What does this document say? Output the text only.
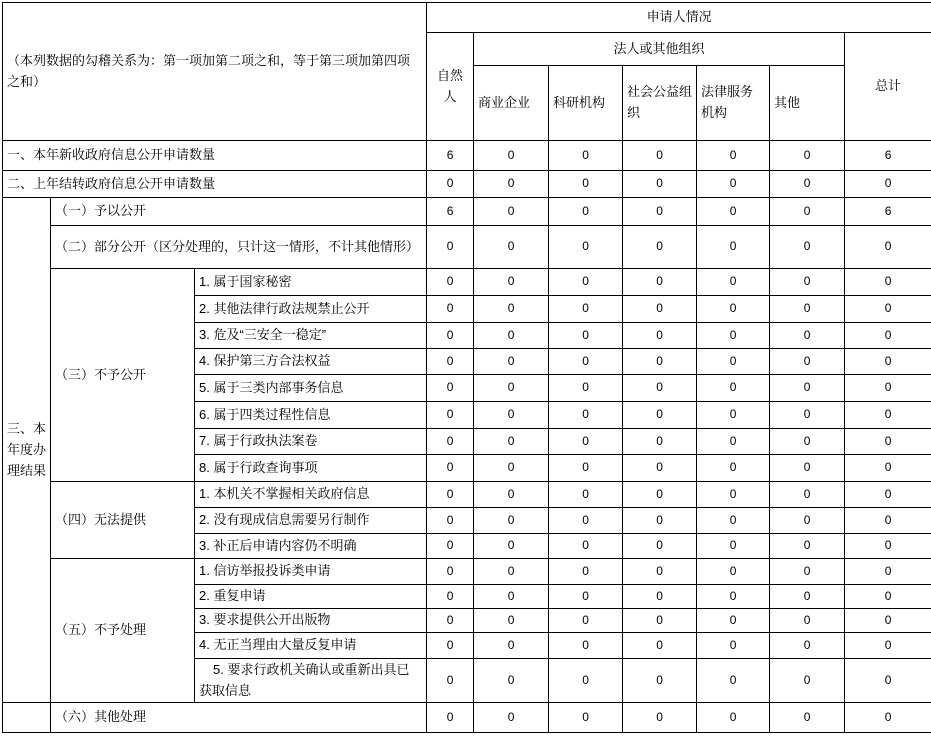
（本列数据的勾稽关系为：第一项加第二项之和，等于第三项加第四项之和）			申请人情况						
			自然人	法人或其他组织					总计
				商业企业	科研机构	社会公益组织	法律服务机构	其他	
一、本年新收政府信息公开申请数量			6	0	0	0	0	0	6
二、上年结转政府信息公开申请数量			0	0	0	0	0	0	0
三、本年度办理结果	（一）予以公开		6	0	0	0	0	0	6
	（二）部分公开（区分处理的，只计这一情形，不计其他情形）		0	0	0	0	0	0	0
	（三）不予公开	1. 属于国家秘密	0	0	0	0	0	0	0
		2. 其他法律行政法规禁止公开	0	0	0	0	0	0	0
		3. 危及“三安全一稳定”	0	0	0	0	0	0	0
		4. 保护第三方合法权益	0	0	0	0	0	0	0
		5. 属于三类内部事务信息	0	0	0	0	0	0	0
		6. 属于四类过程性信息	0	0	0	0	0	0	0
		7. 属于行政执法案卷	0	0	0	0	0	0	0
		8. 属于行政查询事项	0	0	0	0	0	0	0
	（四）无法提供	1. 本机关不掌握相关政府信息	0	0	0	0	0	0	0
		2. 没有现成信息需要另行制作	0	0	0	0	0	0	0
		3. 补正后申请内容仍不明确	0	0	0	0	0	0	0
	（五）不予处理	1. 信访举报投诉类申请	0	0	0	0	0	0	0
		2. 重复申请	0	0	0	0	0	0	0
		3. 要求提供公开出版物	0	0	0	0	0	0	0
		4. 无正当理由大量反复申请	0	0	0	0	0	0	0
		5. 要求行政机关确认或重新出具已获取信息	0	0	0	0	0	0	0
	（六）其他处理		0	0	0	0	0	0	0
